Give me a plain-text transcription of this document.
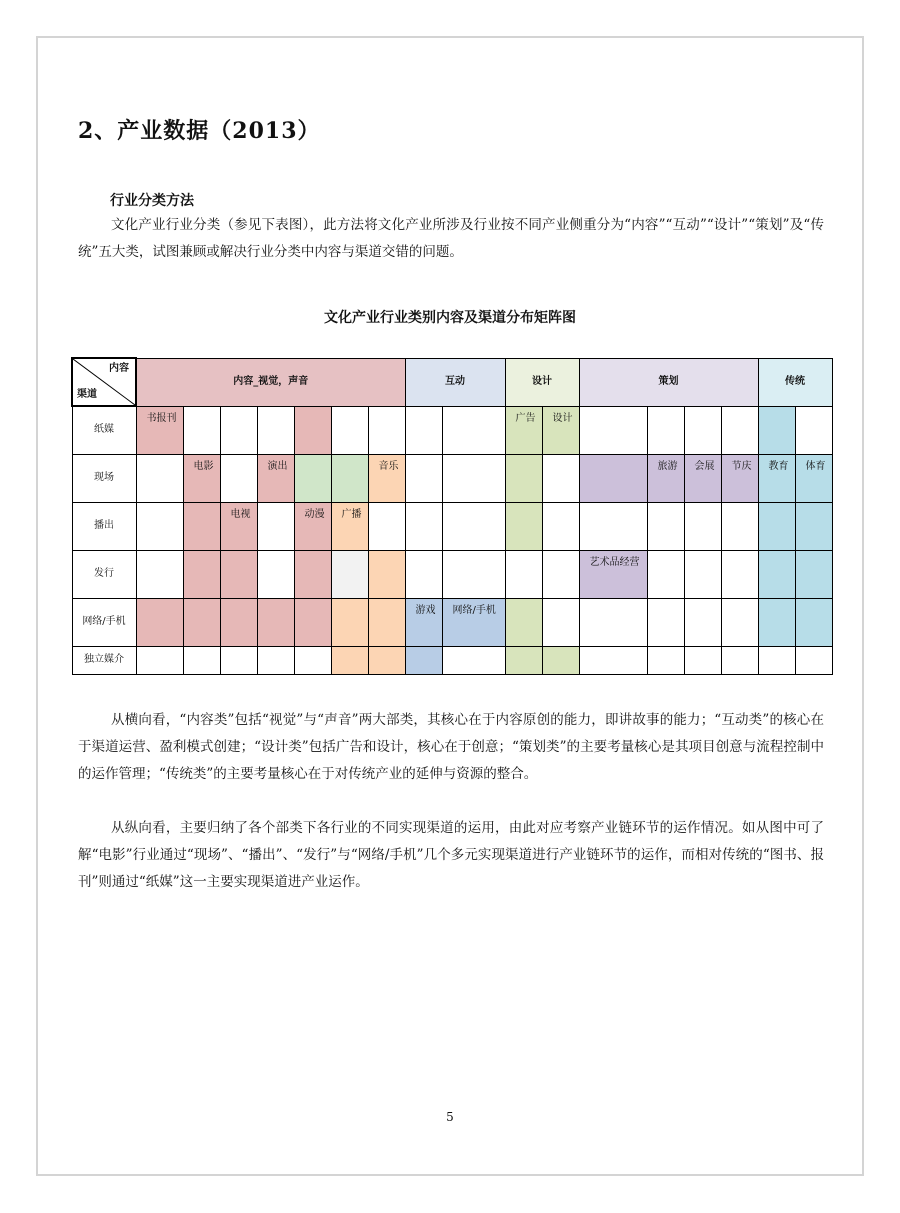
2、产业数据（2013）
行业分类方法

文化产业行业分类（参见下表图），此方法将文化产业所涉及行业按不同产业侧重分为“内容”“互动”“设计”“策划”及“传统”五大类，试图兼顾或解决行业分类中内容与渠道交错的问题。

文化产业行业类别内容及渠道分布矩阵图
内容
渠道	内容_视觉，声音							互动		设计		策划				传统	
纸媒	书报刊									广告	设计						
现场		电影		演出			音乐						旅游	会展	节庆	教育	体育
播出			电视		动漫	广播											
发行												艺术品经营					
网络/手机								游戏	网络/手机								
独立媒介																	

从横向看，“内容类”包括“视觉”与“声音”两大部类，其核心在于内容原创的能力，即讲故事的能力；“互动类”的核心在于渠道运营、盈利模式创建；“设计类”包括广告和设计，核心在于创意；“策划类”的主要考量核心是其项目创意与流程控制中的运作管理；“传统类”的主要考量核心在于对传统产业的延伸与资源的整合。

从纵向看，主要归纳了各个部类下各行业的不同实现渠道的运用，由此对应考察产业链环节的运作情况。如从图中可了解“电影”行业通过“现场”、“播出”、“发行”与“网络/手机”几个多元实现渠道进行产业链环节的运作，而相对传统的“图书、报刊”则通过“纸媒”这一主要实现渠道进产业运作。

5
